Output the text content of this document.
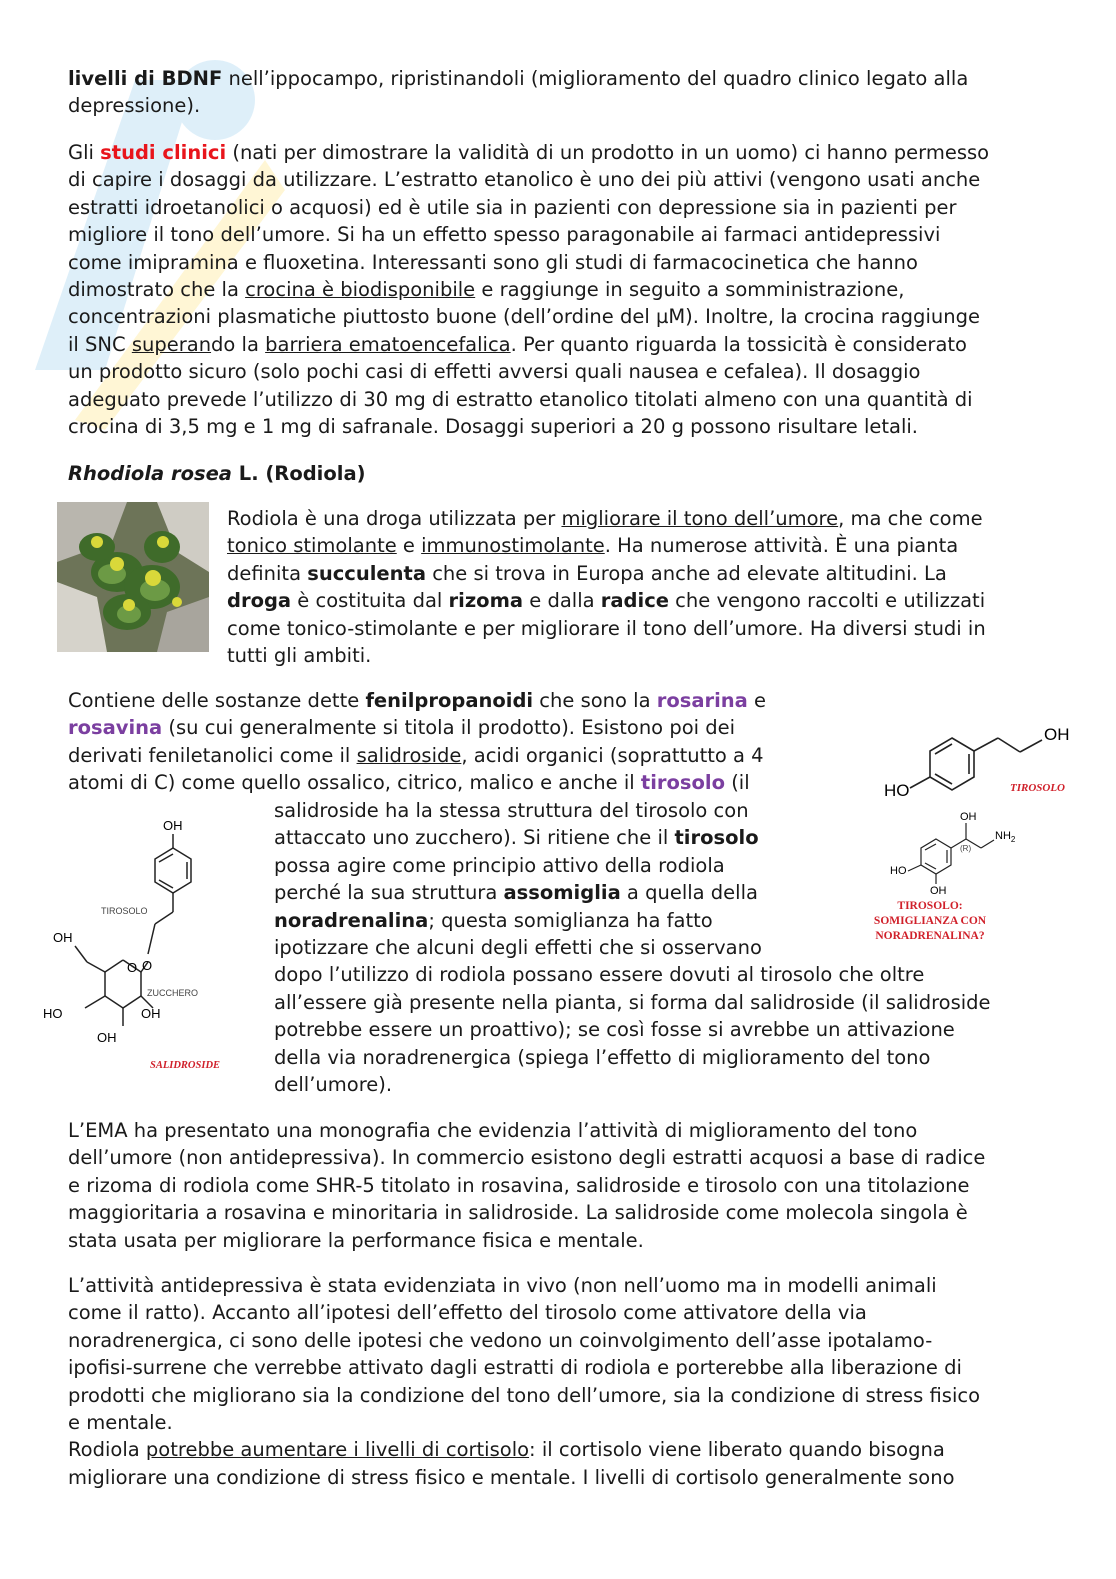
livelli di BDNF nell’ippocampo, ripristinandoli (miglioramento del quadro clinico legato alla
depressione).

Gli studi clinici (nati per dimostrare la validità di un prodotto in un uomo) ci hanno permesso
di capire i dosaggi da utilizzare. L’estratto etanolico è uno dei più attivi (vengono usati anche
estratti idroetanolici o acquosi) ed è utile sia in pazienti con depressione sia in pazienti per
migliore il tono dell’umore. Si ha un effetto spesso paragonabile ai farmaci antidepressivi
come imipramina e fluoxetina. Interessanti sono gli studi di farmacocinetica che hanno
dimostrato che la crocina è biodisponibile e raggiunge in seguito a somministrazione,
concentrazioni plasmatiche piuttosto buone (dell’ordine del µM). Inoltre, la crocina raggiunge
il SNC superando la barriera ematoencefalica. Per quanto riguarda la tossicità è considerato
un prodotto sicuro (solo pochi casi di effetti avversi quali nausea e cefalea). Il dosaggio
adeguato prevede l’utilizzo di 30 mg di estratto etanolico titolati almeno con una quantità di
crocina di 3,5 mg e 1 mg di safranale. Dosaggi superiori a 20 g possono risultare letali.

Rhodiola rosea L. (Rodiola)

Rodiola è una droga utilizzata per migliorare il tono dell’umore, ma che come
tonico stimolante e immunostimolante. Ha numerose attività. È una pianta
definita succulenta che si trova in Europa anche ad elevate altitudini. La
droga è costituita dal rizoma e dalla radice che vengono raccolti e utilizzati
come tonico-stimolante e per migliorare il tono dell’umore. Ha diversi studi in
tutti gli ambiti.

Contiene delle sostanze dette fenilpropanoidi che sono la rosarina e
rosavina (su cui generalmente si titola il prodotto). Esistono poi dei
derivati feniletanolici come il salidroside, acidi organici (soprattutto a 4
atomi di C) come quello ossalico, citrico, malico e anche il tirosolo (il

salidroside ha la stessa struttura del tirosolo con
attaccato uno zucchero). Si ritiene che il tirosolo
possa agire come principio attivo della rodiola
perché la sua struttura assomiglia a quella della
noradrenalina; questa somiglianza ha fatto
ipotizzare che alcuni degli effetti che si osservano
dopo l’utilizzo di rodiola possano essere dovuti al tirosolo che oltre
all’essere già presente nella pianta, si forma dal salidroside (il salidroside
potrebbe essere un proattivo); se così fosse si avrebbe un attivazione
della via noradrenergica (spiega l’effetto di miglioramento del tono
dell’umore).

OH
TIROSOLO
OH
O O
ZUCCHERO
HO	OH
OH
SALIDROSIDE
OH
HO	TIROSOLO
OH
(R)
$NH_2$
HO
OH
TIROSOLO:
SOMIGLIANZA CON
NORADRENALINA?

L’EMA ha presentato una monografia che evidenzia l’attività di miglioramento del tono
dell’umore (non antidepressiva). In commercio esistono degli estratti acquosi a base di radice
e rizoma di rodiola come SHR-5 titolato in rosavina, salidroside e tirosolo con una titolazione
maggioritaria a rosavina e minoritaria in salidroside. La salidroside come molecola singola è
stata usata per migliorare la performance fisica e mentale.

L’attività antidepressiva è stata evidenziata in vivo (non nell’uomo ma in modelli animali
come il ratto). Accanto all’ipotesi dell’effetto del tirosolo come attivatore della via
noradrenergica, ci sono delle ipotesi che vedono un coinvolgimento dell’asse ipotalamo-
ipofisi-surrene che verrebbe attivato dagli estratti di rodiola e porterebbe alla liberazione di
prodotti che migliorano sia la condizione del tono dell’umore, sia la condizione di stress fisico
e mentale.
Rodiola potrebbe aumentare i livelli di cortisolo: il cortisolo viene liberato quando bisogna
migliorare una condizione di stress fisico e mentale. I livelli di cortisolo generalmente sono
